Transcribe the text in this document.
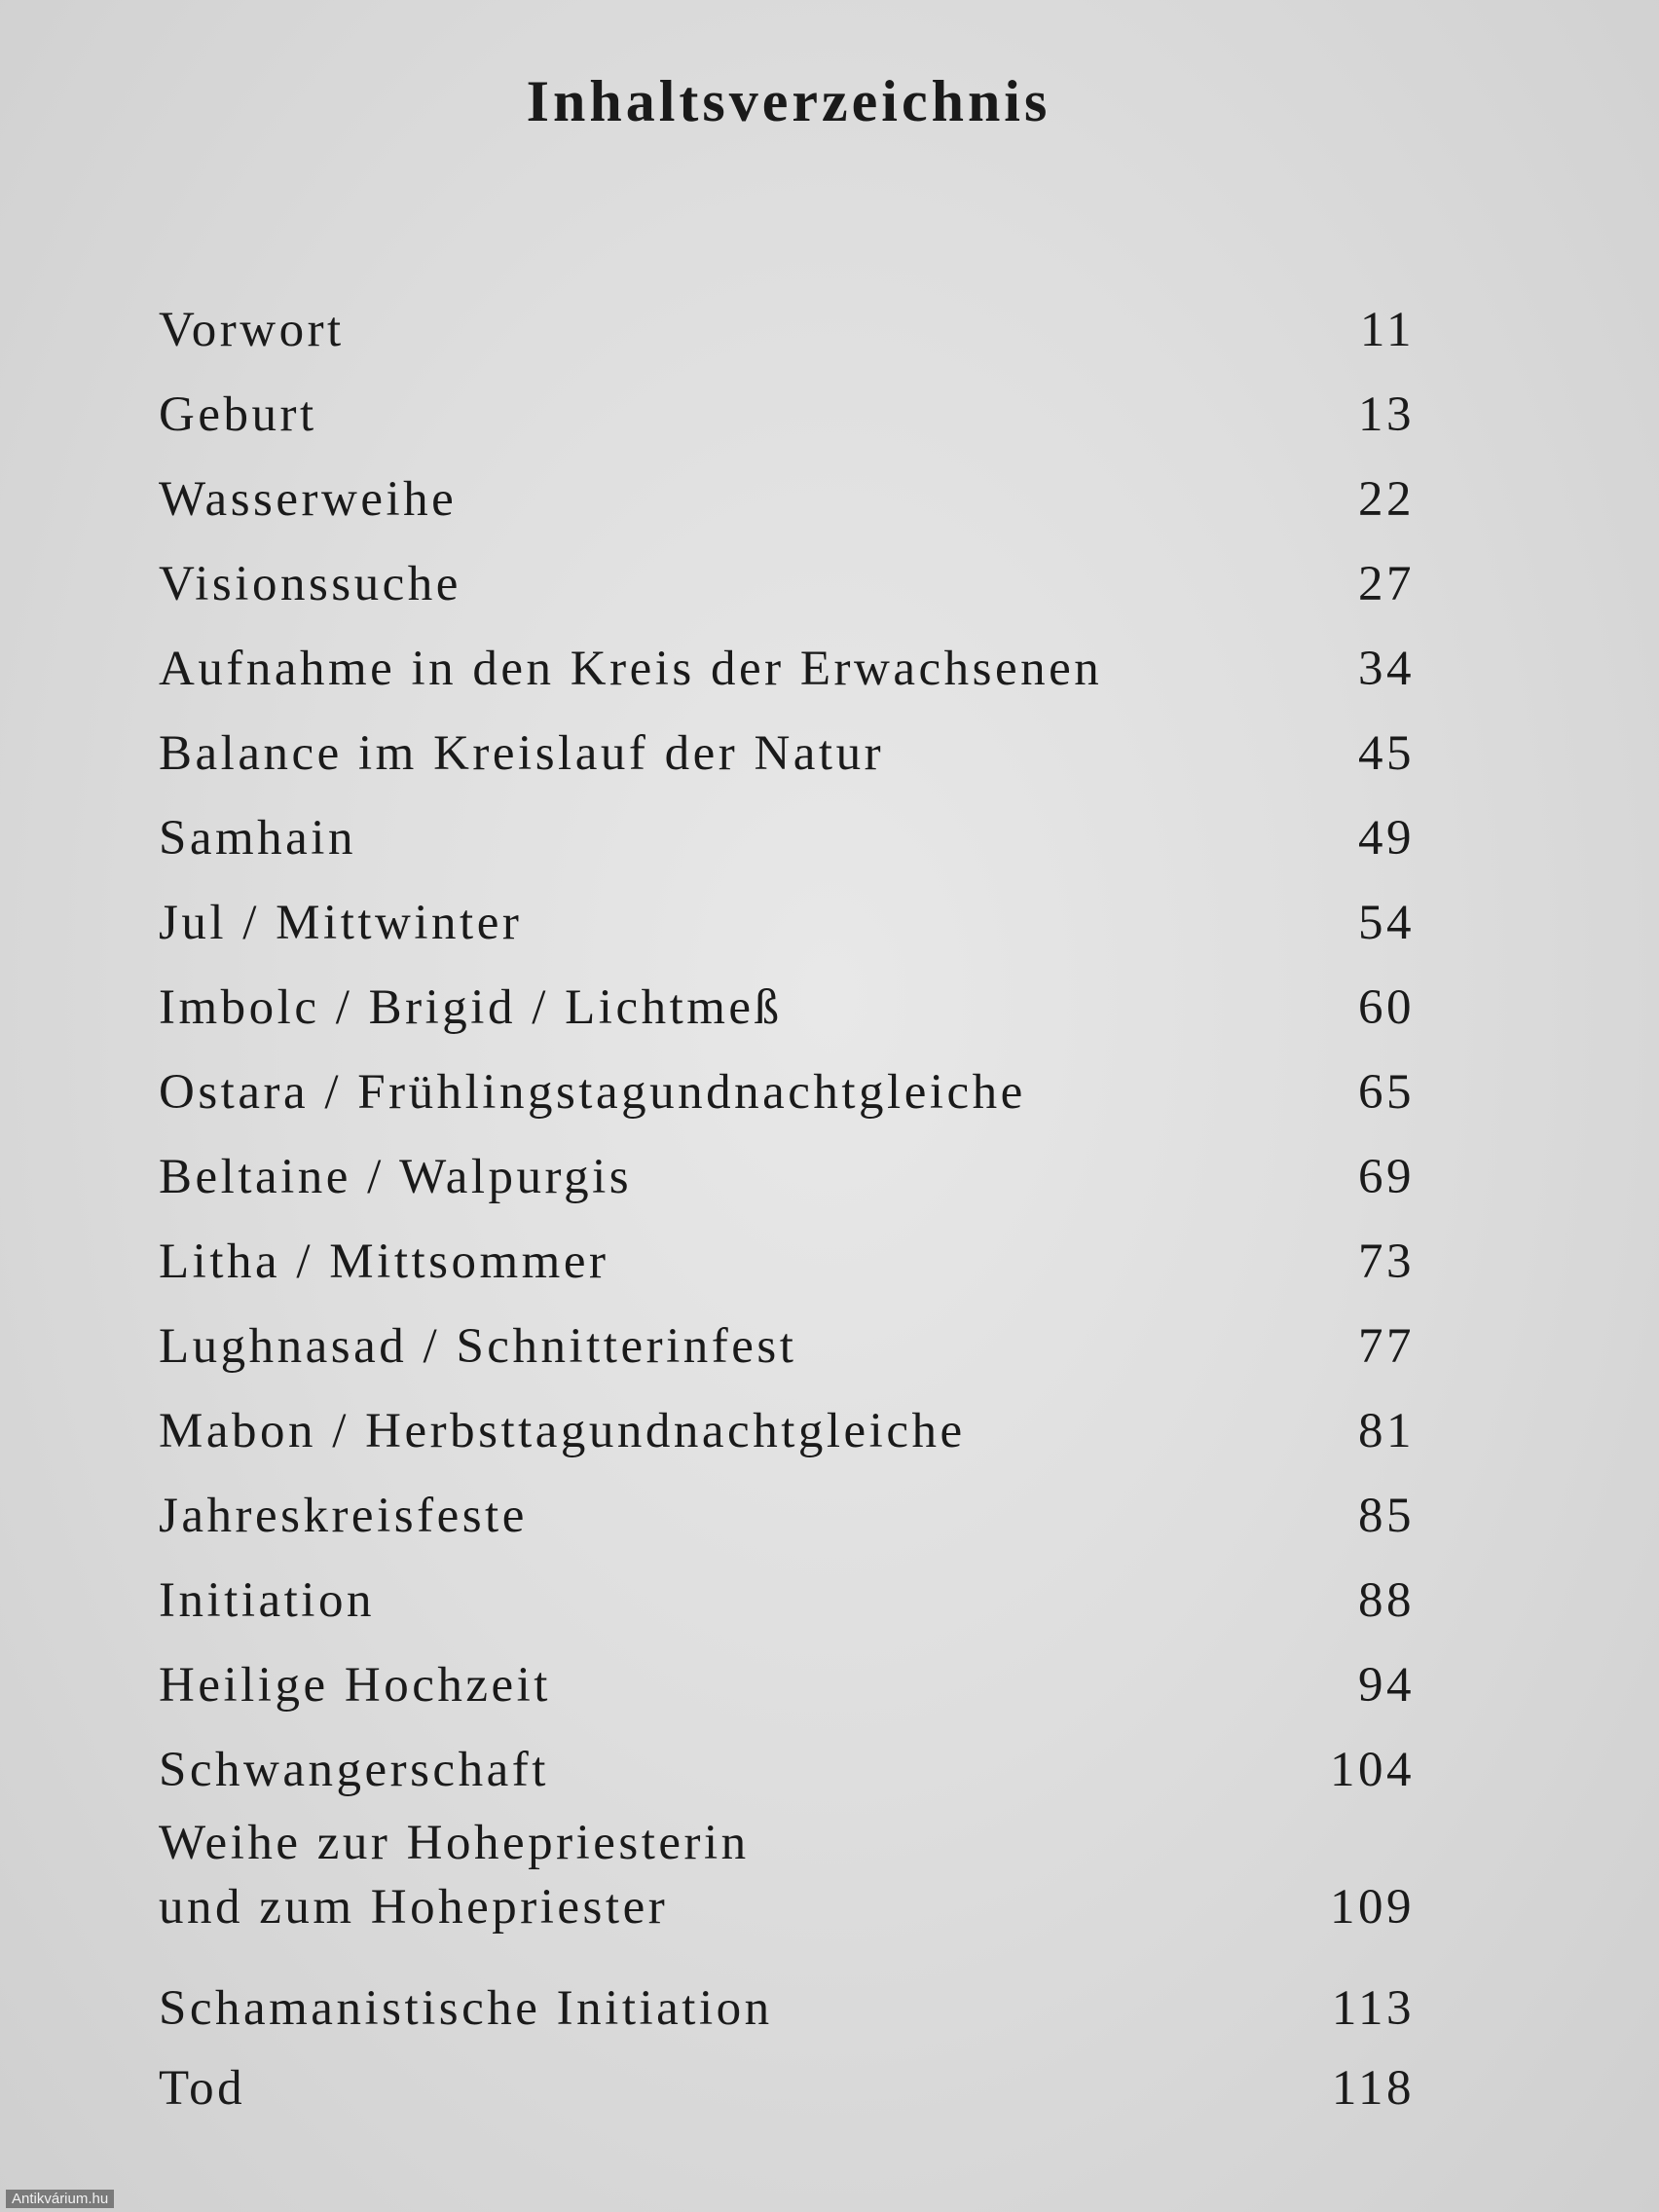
Inhaltsverzeichnis
Vorwort	11
Geburt	13
Wasserweihe	22
Visionssuche	27
Aufnahme in den Kreis der Erwachsenen	34
Balance im Kreislauf der Natur	45
Samhain	49
Jul / Mittwinter	54
Imbolc / Brigid / Lichtmeß	60
Ostara / Frühlingstagundnachtgleiche	65
Beltaine / Walpurgis	69
Litha / Mittsommer	73
Lughnasad / Schnitterinfest	77
Mabon / Herbsttagundnachtgleiche	81
Jahreskreisfeste	85
Initiation	88
Heilige Hochzeit	94
Schwangerschaft	104
Weihe zur Hohepriesterin
und zum Hohepriester	109
Schamanistische Initiation	113
Tod	118
Antikvárium.hu
